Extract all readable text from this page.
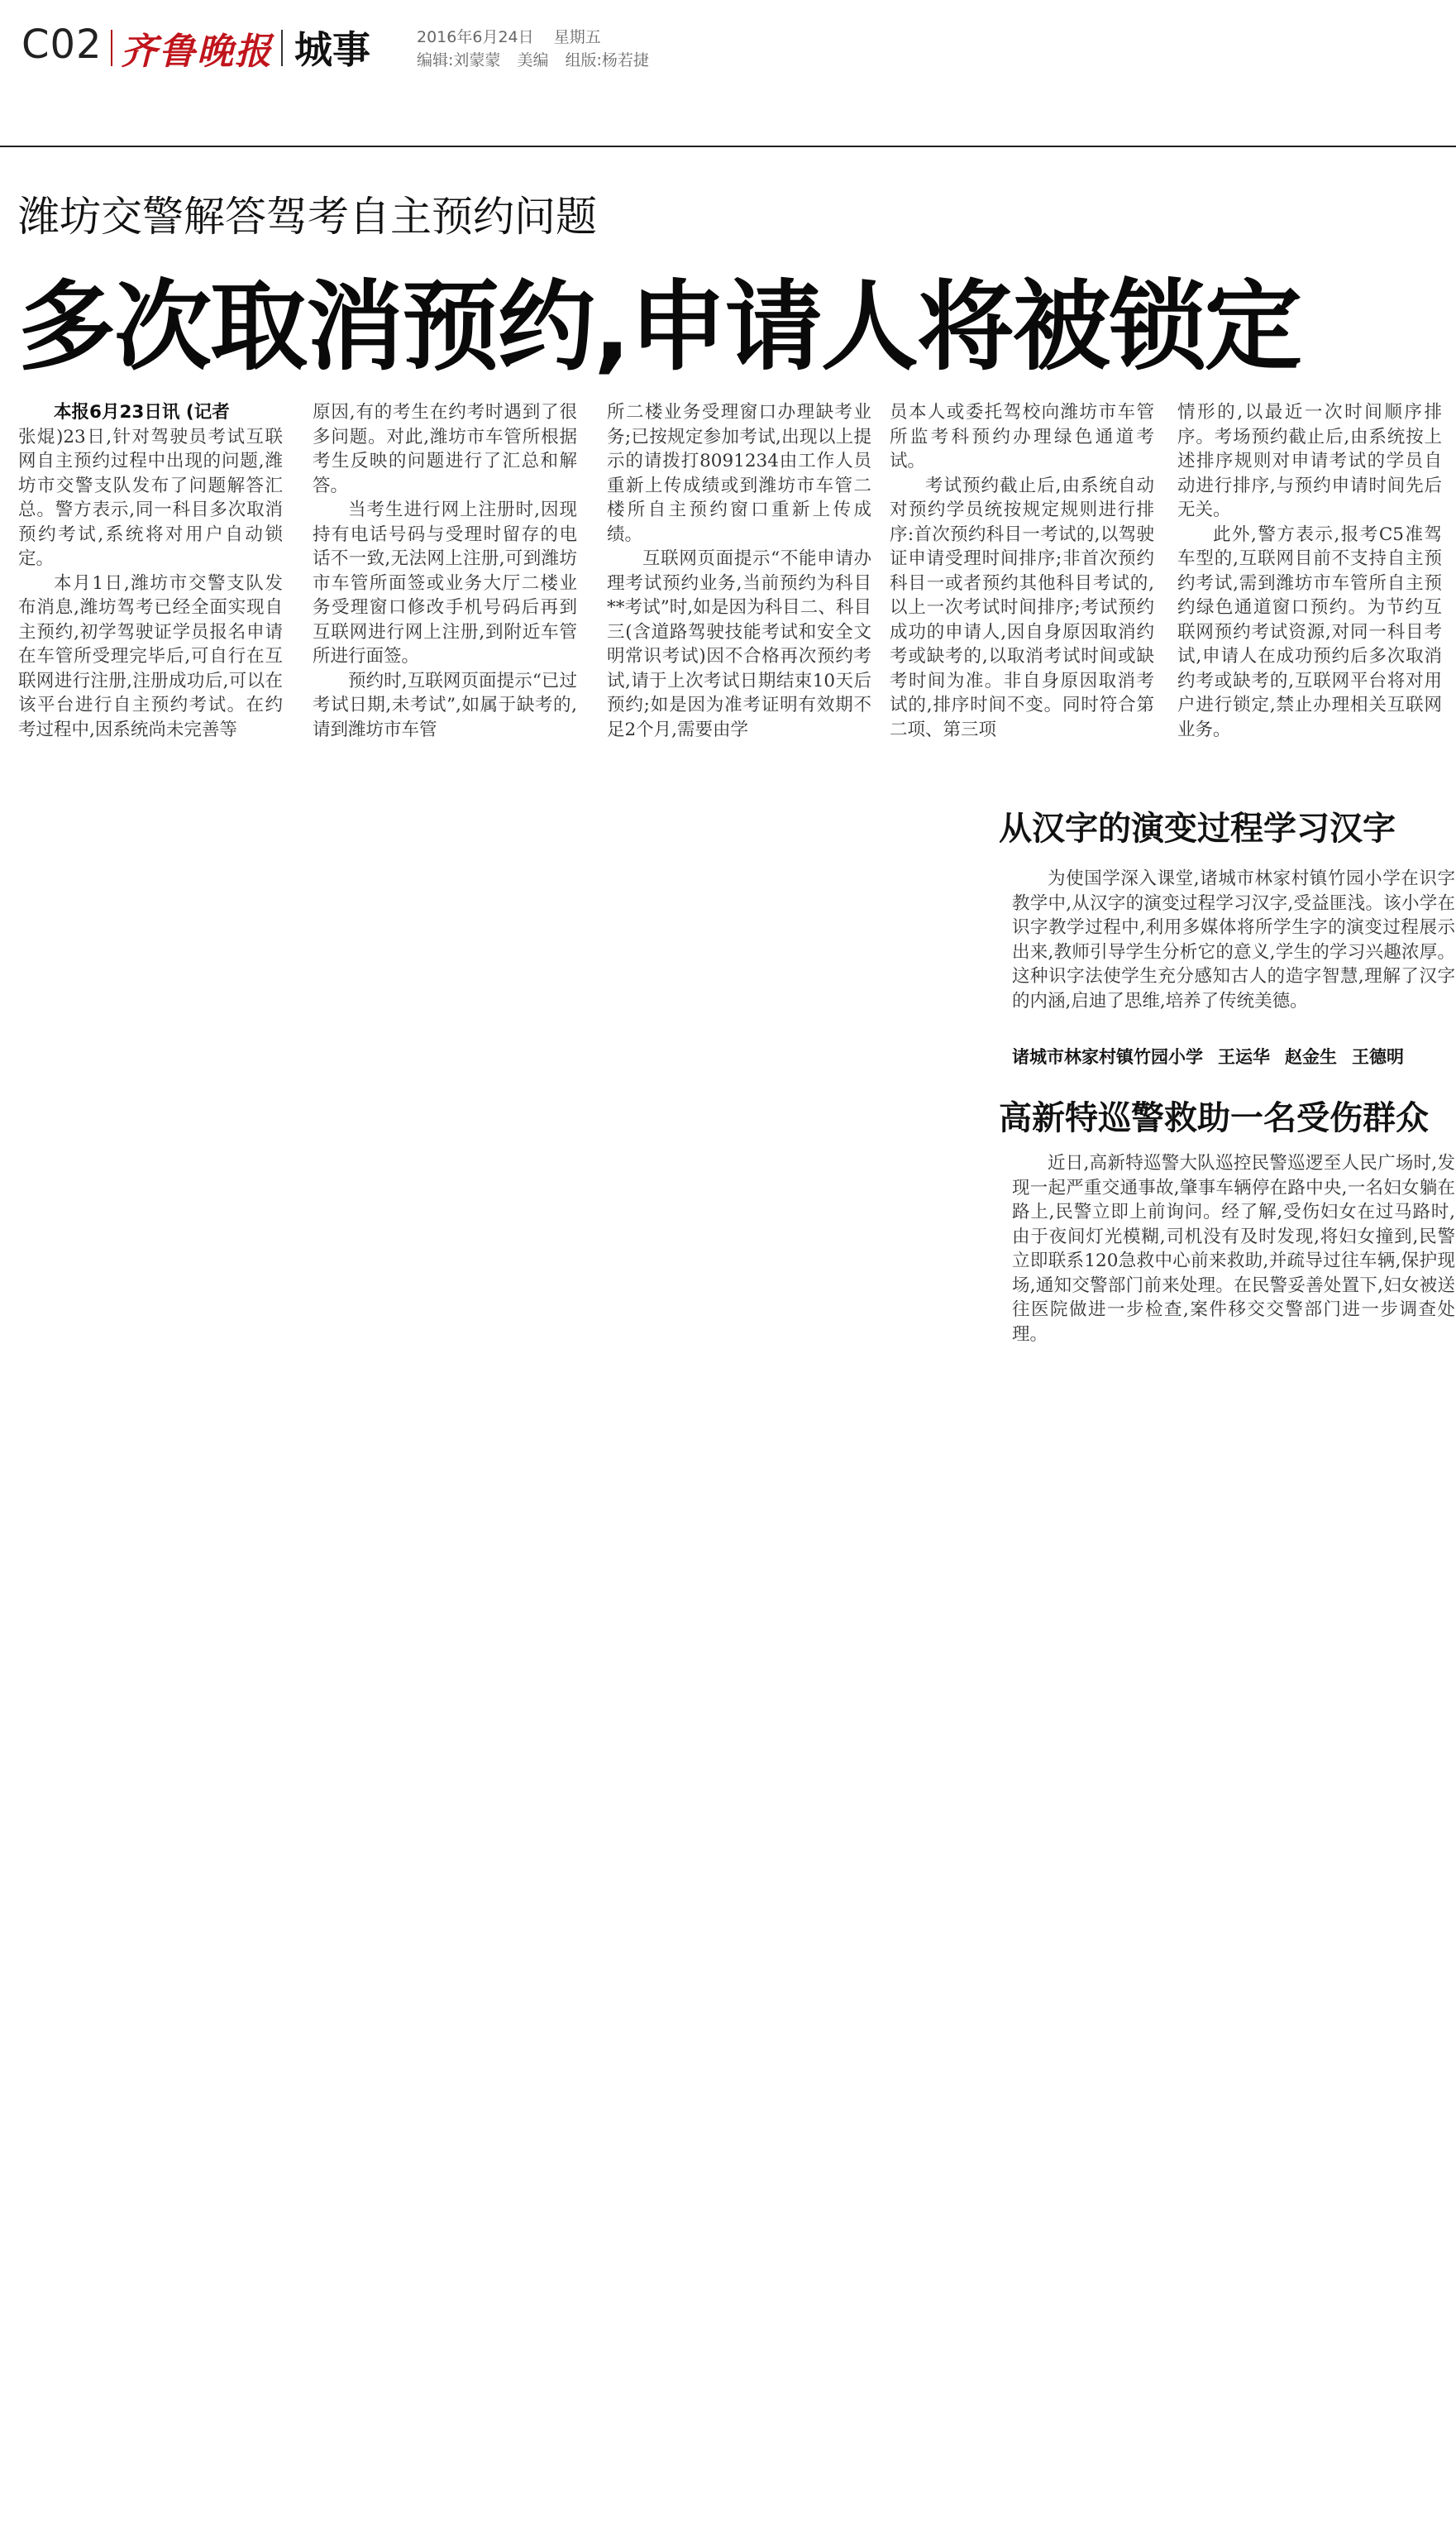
C02 齐鲁晚报 城事	2016年6月24日 星期五
编辑:刘蒙蒙 美编 组版:杨若捷
潍坊交警解答驾考自主预约问题
多次取消预约,申请人将被锁定
本报6月23日讯 (记者

张焜)23日,针对驾驶员考试互联网自主预约过程中出现的问题,潍坊市交警支队发布了问题解答汇总。警方表示,同一科目多次取消预约考试,系统将对用户自动锁定。

本月1日,潍坊市交警支队发布消息,潍坊驾考已经全面实现自主预约,初学驾驶证学员报名申请在车管所受理完毕后,可自行在互联网进行注册,注册成功后,可以在该平台进行自主预约考试。在约考过程中,因系统尚未完善等

原因,有的考生在约考时遇到了很多问题。对此,潍坊市车管所根据考生反映的问题进行了汇总和解答。

当考生进行网上注册时,因现持有电话号码与受理时留存的电话不一致,无法网上注册,可到潍坊市车管所面签或业务大厅二楼业务受理窗口修改手机号码后再到互联网进行网上注册,到附近车管所进行面签。

预约时,互联网页面提示“已过考试日期,未考试”,如属于缺考的,请到潍坊市车管

所二楼业务受理窗口办理缺考业务;已按规定参加考试,出现以上提示的请拨打8091234由工作人员重新上传成绩或到潍坊市车管二楼所自主预约窗口重新上传成绩。

互联网页面提示“不能申请办理考试预约业务,当前预约为科目**考试”时,如是因为科目二、科目三(含道路驾驶技能考试和安全文明常识考试)因不合格再次预约考试,请于上次考试日期结束10天后预约;如是因为准考证明有效期不足2个月,需要由学

员本人或委托驾校向潍坊市车管所监考科预约办理绿色通道考试。

考试预约截止后,由系统自动对预约学员统按规定规则进行排序:首次预约科目一考试的,以驾驶证申请受理时间排序;非首次预约科目一或者预约其他科目考试的,以上一次考试时间排序;考试预约成功的申请人,因自身原因取消约考或缺考的,以取消考试时间或缺考时间为准。非自身原因取消考试的,排序时间不变。同时符合第二项、第三项

情形的,以最近一次时间顺序排序。考场预约截止后,由系统按上述排序规则对申请考试的学员自动进行排序,与预约申请时间先后无关。

此外,警方表示,报考C5准驾车型的,互联网目前不支持自主预约考试,需到潍坊市车管所自主预约绿色通道窗口预约。为节约互联网预约考试资源,对同一科目考试,申请人在成功预约后多次取消约考或缺考的,互联网平台将对用户进行锁定,禁止办理相关互联网业务。

从汉字的演变过程学习汉字

为使国学深入课堂,诸城市林家村镇竹园小学在识字教学中,从汉字的演变过程学习汉字,受益匪浅。该小学在识字教学过程中,利用多媒体将所学生字的演变过程展示出来,教师引导学生分析它的意义,学生的学习兴趣浓厚。这种识字法使学生充分感知古人的造字智慧,理解了汉字的内涵,启迪了思维,培养了传统美德。

诸城市林家村镇竹园小学 王运华 赵金生 王德明
高新特巡警救助一名受伤群众

近日,高新特巡警大队巡控民警巡逻至人民广场时,发现一起严重交通事故,肇事车辆停在路中央,一名妇女躺在路上,民警立即上前询问。经了解,受伤妇女在过马路时,由于夜间灯光模糊,司机没有及时发现,将妇女撞到,民警立即联系120急救中心前来救助,并疏导过往车辆,保护现场,通知交警部门前来处理。在民警妥善处置下,妇女被送往医院做进一步检查,案件移交交警部门进一步调查处理。
